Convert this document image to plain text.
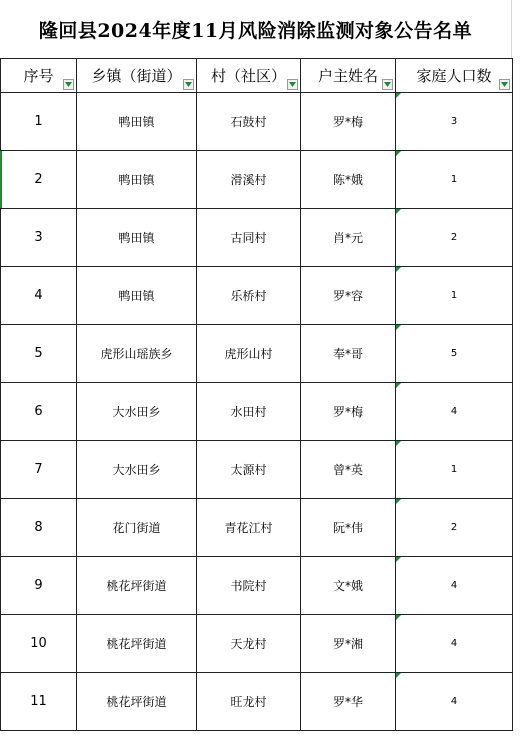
隆回县2024年度11月风险消除监测对象公告名单
序号	乡镇（街道）	村（社区）	户主姓名	家庭人口数

1	鸭田镇	石鼓村	罗*梅	3

2	鸭田镇	滑溪村	陈*娥	1

3	鸭田镇	古同村	肖*元	2

4	鸭田镇	乐桥村	罗*容	1

5	虎形山瑶族乡	虎形山村	奉*哥	5

6	大水田乡	水田村	罗*梅	4

7	大水田乡	太源村	曾*英	1

8	花门街道	青花江村	阮*伟	2

9	桃花坪街道	书院村	文*娥	4

10	桃花坪街道	天龙村	罗*湘	4

11	桃花坪街道	旺龙村	罗*华	4
